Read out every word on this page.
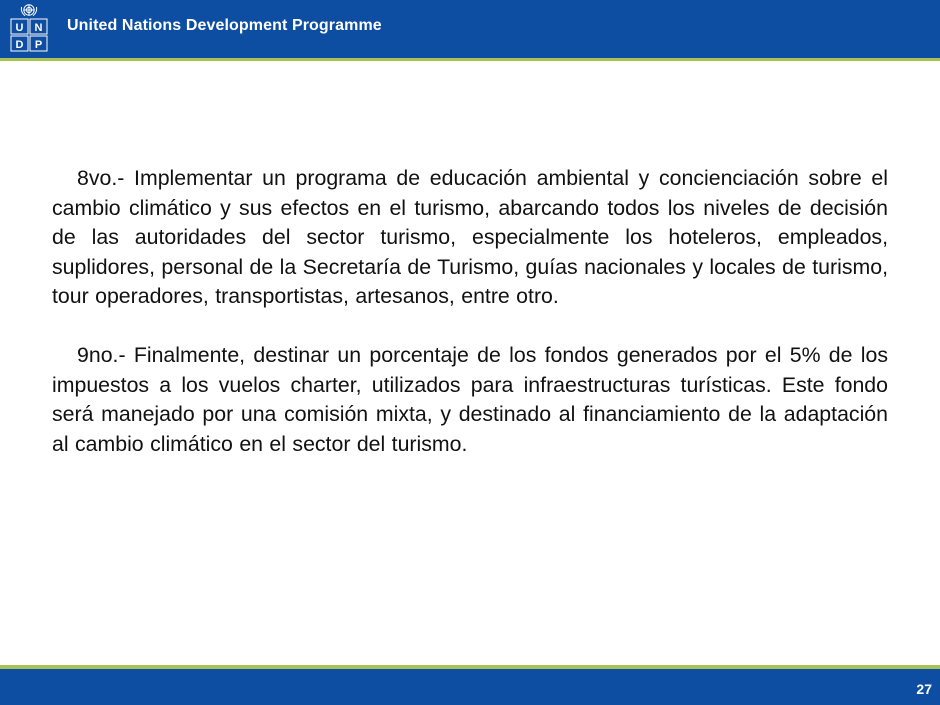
U N
D P
United Nations Development Programme

8vo.- Implementar un programa de educación ambiental y concienciación sobre el cambio climático y sus efectos en el turismo, abarcando todos los niveles de decisión de las autoridades del sector turismo, especialmente los hoteleros, empleados, suplidores, personal de la Secretaría de Turismo, guías nacionales y locales de turismo, tour operadores, transportistas, artesanos, entre otro.

9no.- Finalmente, destinar un porcentaje de los fondos generados por el 5% de los impuestos a los vuelos charter, utilizados para infraestructuras turísticas. Este fondo será manejado por una comisión mixta, y destinado al financiamiento de la adaptación al cambio climático en el sector del turismo.

27
